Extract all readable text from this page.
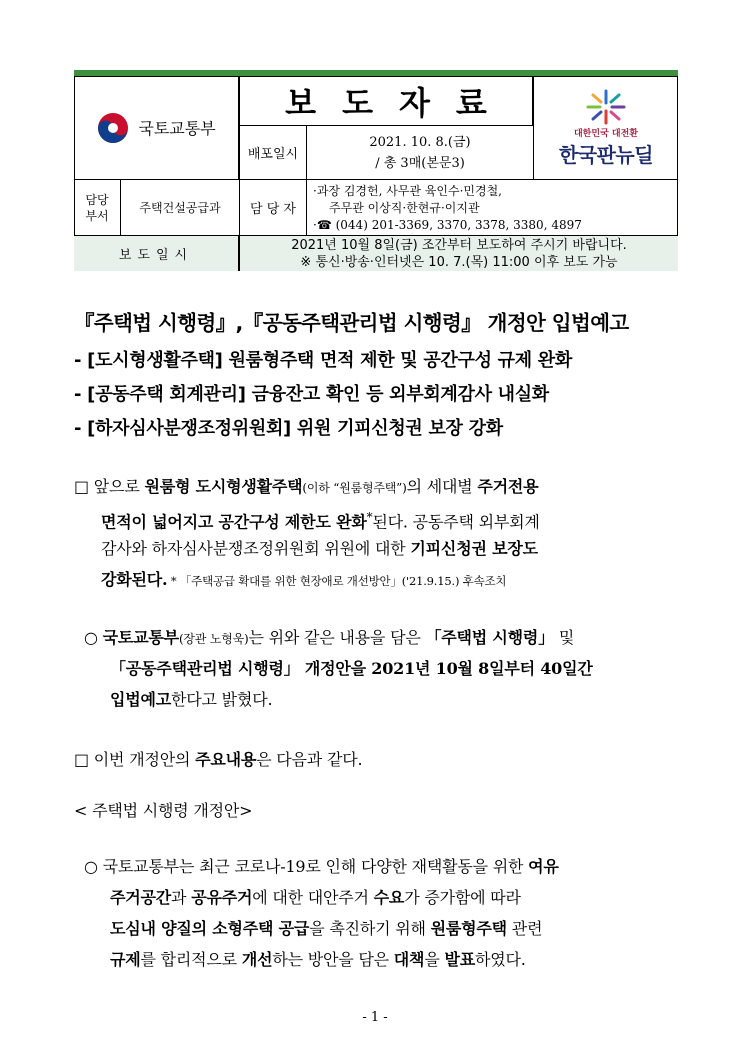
국토교통부
보도자료
대한민국 대전환
한국판뉴딜
배포일시
2021. 10. 8.(금)
/ 총 3매(본문3)
담당
부서
주택건설공급과	담 당 자
·과장 김경헌, 사무관 육인수·민경철,
주무관 이상직·한현규·이지관
·☎ (044) 201-3369, 3370, 3378, 3380, 4897
보도일시
2021년 10월 8일(금) 조간부터 보도하여 주시기 바랍니다.
※ 통신·방송·인터넷은 10. 7.(목) 11:00 이후 보도 가능
『주택법 시행령』,『공동주택관리법 시행령』 개정안 입법예고
- [도시형생활주택] 원룸형주택 면적 제한 및 공간구성 규제 완화
- [공동주택 회계관리] 금융잔고 확인 등 외부회계감사 내실화
- [하자심사분쟁조정위원회] 위원 기피신청권 보장 강화
□ 앞으로 원룸형 도시형생활주택(이하 “원룸형주택”)의 세대별 주거전용
면적이 넓어지고 공간구성 제한도 완화*된다. 공동주택 외부회계
감사와 하자심사분쟁조정위원회 위원에 대한 기피신청권 보장도
강화된다. * 「주택공급 확대를 위한 현장애로 개선방안」('21.9.15.) 후속조치
○ 국토교통부(장관 노형욱)는 위와 같은 내용을 담은 「주택법 시행령」 및
「공동주택관리법 시행령」 개정안을 2021년 10월 8일부터 40일간
입법예고한다고 밝혔다.
□ 이번 개정안의 주요내용은 다음과 같다.
< 주택법 시행령 개정안>
○ 국토교통부는 최근 코로나-19로 인해 다양한 재택활동을 위한 여유
주거공간과 공유주거에 대한 대안주거 수요가 증가함에 따라
도심내 양질의 소형주택 공급을 촉진하기 위해 원룸형주택 관련
규제를 합리적으로 개선하는 방안을 담은 대책을 발표하였다.
- 1 -
